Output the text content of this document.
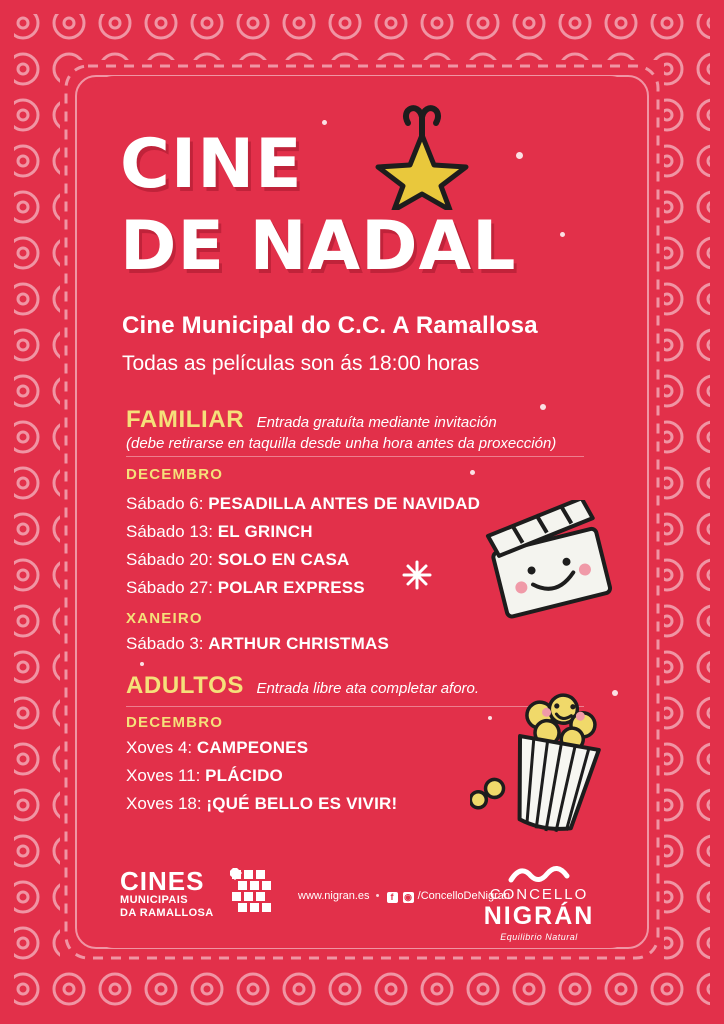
CINE
DE NADAL
Cine Municipal do C.C. A Ramallosa
Todas as películas son ás 18:00 horas
FAMILIAR Entrada gratuíta mediante invitación
(debe retirarse en taquilla desde unha hora antes da proxección)
DECEMBRO
Sábado 6: PESADILLA ANTES DE NAVIDAD
Sábado 13: EL GRINCH
Sábado 20: SOLO EN CASA
Sábado 27: POLAR EXPRESS
XANEIRO
Sábado 3: ARTHUR CHRISTMAS
ADULTOS Entrada libre ata completar aforo.
DECEMBRO
Xoves 4: CAMPEONES
Xoves 11: PLÁCIDO
Xoves 18: ¡QUÉ BELLO ES VIVIR!
CINES
MUNICIPAIS
DA RAMALLOSA
www.nigran.es • f ◉ /ConcelloDeNigran
CONCELLO
NIGRÁN
Equilibrio Natural
